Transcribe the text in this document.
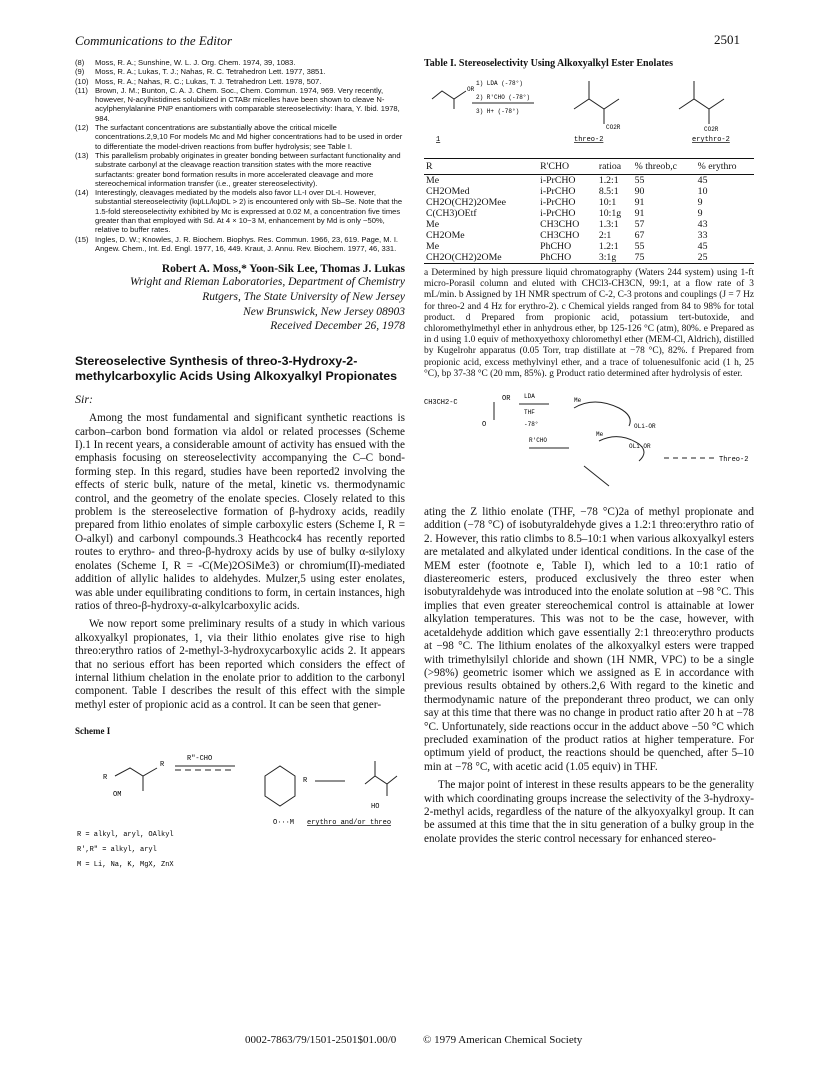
Communications to the Editor	2501
(8)	Moss, R. A.; Sunshine, W. L. J. Org. Chem. 1974, 39, 1083.
(9)	Moss, R. A.; Lukas, T. J.; Nahas, R. C. Tetrahedron Lett. 1977, 3851.
(10) Moss, R. A.; Nahas, R. C.; Lukas, T. J. Tetrahedron Lett. 1978, 507.
(11) Brown, J. M.; Bunton, C. A. J. Chem. Soc., Chem. Commun. 1974, 969. Very recently, however, N-acylhistidines solubilized in CTABr micelles have been shown to cleave N-acylphenylalanine PNP enantiomers with comparable stereoselectivity: Ihara, Y. Ibid. 1978, 984.
(12) The surfactant concentrations are substantially above the critical micelle concentrations.2,9,10 For models Mc and Md higher concentrations had to be used in order to differentiate the model-driven reactions from buffer hydrolysis; see Table I.
(13) This parallelism probably originates in greater bonding between surfactant functionality and substrate carbonyl at the cleavage reaction transition states with the more reactive surfactants: greater bond formation results in more accelerated cleavage and more stereochemical information transfer (i.e., greater stereoselectivity).
(14) Interestingly, cleavages mediated by the models also favor LL-I over DL-I. However, substantial stereoselectivity (kψLL/kψDL > 2) is encountered only with Sb–Se. Note that the 1.5-fold stereoselectivity exhibited by Mc is expressed at 0.02 M, a concentration five times greater than that employed with Sd. At 4 × 10−3 M, enhancement by Md is only ~50%, relative to buffer rates.
(15) Ingles, D. W.; Knowles, J. R. Biochem. Biophys. Res. Commun. 1966, 23, 619. Page, M. I. Angew. Chem., Int. Ed. Engl. 1977, 16, 449. Kraut, J. Annu. Rev. Biochem. 1977, 46, 331.
Robert A. Moss,* Yoon-Sik Lee, Thomas J. Lukas
Wright and Rieman Laboratories, Department of Chemistry
Rutgers, The State University of New Jersey
New Brunswick, New Jersey 08903
Received December 26, 1978
Stereoselective Synthesis of threo-3-Hydroxy-2-methylcarboxylic Acids Using Alkoxyalkyl Propionates
Sir:

Among the most fundamental and significant synthetic reactions is carbon–carbon bond formation via aldol or related processes (Scheme I).1 In recent years, a considerable amount of activity has ensued with the emphasis focusing on stereoselectivity accompanying the C–C bond-forming step. In this regard, studies have been reported2 involving the effects of steric bulk, nature of the metal, kinetic vs. thermodynamic control, and the geometry of the enolate species. Closely related to this problem is the stereoselective formation of β-hydroxy acids, readily prepared from lithio enolates of simple carboxylic esters (Scheme I, R = O-alkyl) and carbonyl compounds.3 Heathcock4 has recently reported routes to erythro- and threo-β-hydroxy acids by use of bulky α-silyloxy enolates (Scheme I, R = -C(Me)2OSiMe3) or chromium(II)-mediated addition of allylic halides to aldehydes. Mulzer,5 using ester enolates, was able under equilibrating conditions to form, in certain instances, high ratios of threo-β-hydroxy-α-alkylcarboxylic acids.

We now report some preliminary results of a study in which various alkoxyalkyl propionates, 1, via their lithio enolates give rise to high threo:erythro ratios of 2-methyl-3-hydroxycarboxylic acids 2. It appears that no serious effort has been reported which considers the effect of internal lithium chelation in the enolate prior to addition to the carbonyl component. Table I describes the result of this effect with the simple methyl ester of propionic acid as a control. It can be seen that gener-

Scheme I
OM
R
R
R"-CHO
O···M
R
HO
erythro and/or threo
R = alkyl, aryl, OAlkyl
R',R" = alkyl, aryl
M = Li, Na, K, MgX, ZnX
Table I. Stereoselectivity Using Alkoxyalkyl Ester Enolates
OR
1) LDA (-78°)
2) R'CHO (-78°)
3) H+ (-78°)
CO2R	CO2R
1	threo-2	erythro-2
R	R'CHO	ratioa	% threob,c	% erythro
Me	i-PrCHO	1.2:1	55	45
CH2OMed	i-PrCHO	8.5:1	90	10
CH2O(CH2)2OMee	i-PrCHO	10:1	91	9
C(CH3)OEtf	i-PrCHO	10:1g	91	9
Me	CH3CHO	1.3:1	57	43
CH2OMe	CH3CHO	2:1	67	33
Me	PhCHO	1.2:1	55	45
CH2O(CH2)2OMe	PhCHO	3:1g	75	25
a Determined by high pressure liquid chromatography (Waters 244 system) using 1-ft micro-Porasil column and eluted with CHCl3-CH3CN, 99:1, at a flow rate of 3 mL/min. b Assigned by 1H NMR spectrum of C-2, C-3 protons and couplings (J = 7 Hz for threo-2 and 4 Hz for erythro-2). c Chemical yields ranged from 84 to 98% for total product. d Prepared from propionic acid, potassium tert-butoxide, and chloromethylmethyl ether in anhydrous ether, bp 125-126 °C (atm), 80%. e Prepared as in d using 1.0 equiv of methoxyethoxy chloromethyl ether (MEM-Cl, Aldrich), distilled by Kugelrohr apparatus (0.05 Torr, trap distillate at −78 °C), 82%. f Prepared from propionic acid, excess methylvinyl ether, and a trace of toluenesulfonic acid (1 h, 25 °C), bp 37-38 °C (20 mm, 85%). g Product ratio determined after hydrolysis of ester.
CH3CH2-C
O
OR LDA
THF
-78°
Me
OLi-OR
R'CHO
Me
OLi-OR
Threo-2

ating the Z lithio enolate (THF, −78 °C)2a of methyl propionate and addition (−78 °C) of isobutyraldehyde gives a 1.2:1 threo:erythro ratio of 2. However, this ratio climbs to 8.5–10:1 when various alkoxyalkyl esters are metalated and alkylated under identical conditions. In the case of the MEM ester (footnote e, Table I), which led to a 10:1 ratio of diastereomeric esters, produced exclusively the threo ester when isobutyraldehyde was introduced into the enolate solution at −98 °C. This implies that even greater stereochemical control is attainable at lower alkylation temperatures. This was not to be the case, however, with acetaldehyde addition which gave essentially 2:1 threo:erythro products at −98 °C. The lithium enolates of the alkoxyalkyl esters were trapped with trimethylsilyl chloride and shown (1H NMR, VPC) to be a single (>98%) geometric isomer which we assigned as E in accordance with previous results obtained by others.2,6 With regard to the kinetic and thermodynamic nature of the preponderant threo product, we can only say at this time that there was no change in product ratio after 20 h at −78 °C. Unfortunately, side reactions occur in the adduct above −50 °C which precluded examination of the product ratios at higher temperature. For optimum yield of product, the reactions should be quenched, after 5–10 min at −78 °C, with acetic acid (1.05 equiv) in THF.

The major point of interest in these results appears to be the generality with which coordinating groups increase the selectivity of the 3-hydroxy-2-methyl acids, regardless of the nature of the alkyoxyalkyl group. It can be assumed at this time that the in situ generation of a bulky group in the enolate provides the steric control necessary for enhanced stereo-

0002-7863/79/1501-2501$01.00/0 © 1979 American Chemical Society
